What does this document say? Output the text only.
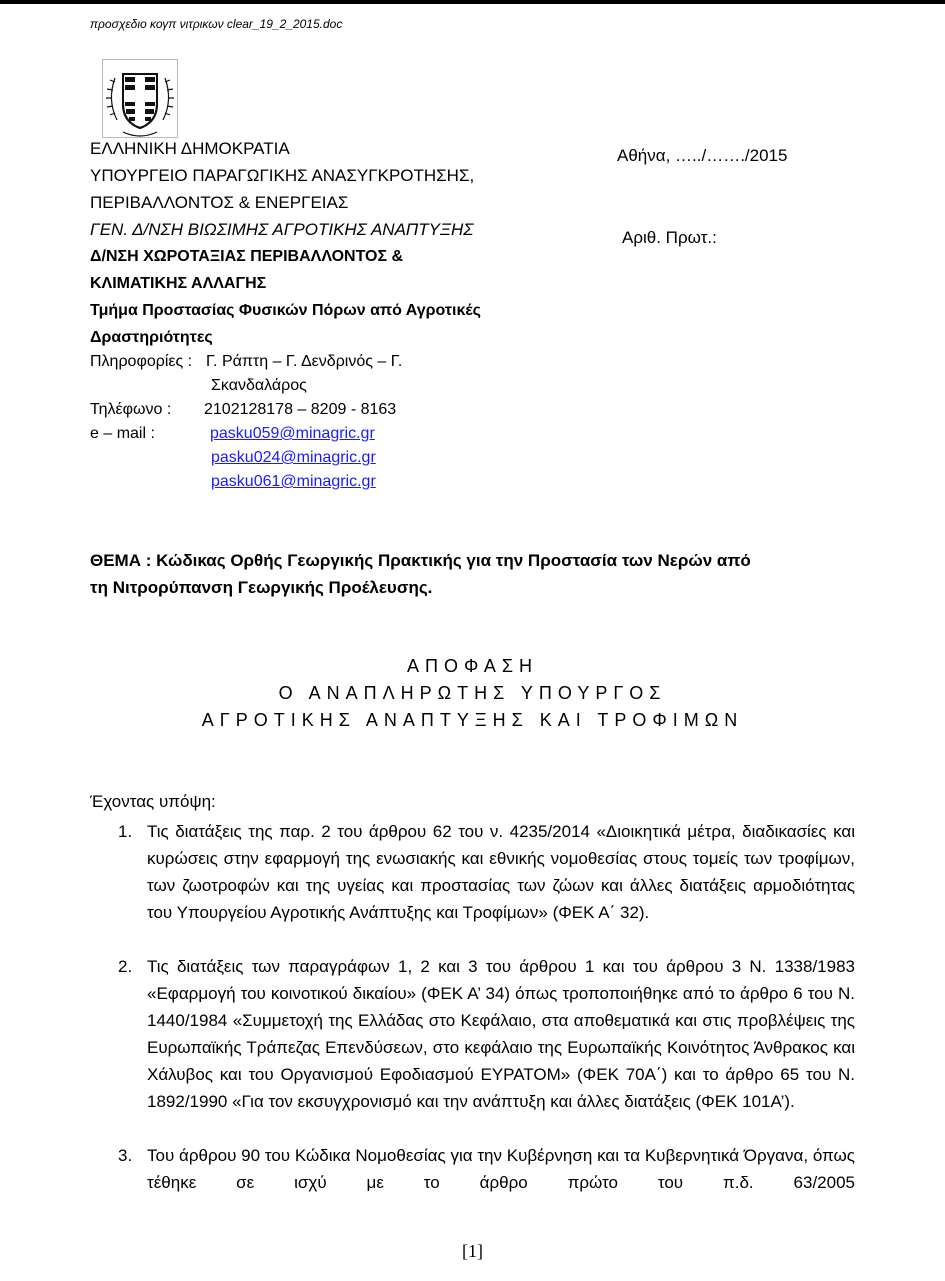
προσχεδιο κογπ νιτρικων clear_19_2_2015.doc
ΕΛΛΗΝΙΚΗ ΔΗΜΟΚΡΑΤΙΑ
ΥΠΟΥΡΓΕΙΟ ΠΑΡΑΓΩΓΙΚΗΣ ΑΝΑΣΥΓΚΡΟΤΗΣΗΣ,
ΠΕΡΙΒΑΛΛΟΝΤΟΣ & ΕΝΕΡΓΕΙΑΣ
ΓΕΝ. Δ/ΝΣΗ ΒΙΩΣΙΜΗΣ ΑΓΡΟΤΙΚΗΣ ΑΝΑΠΤΥΞΗΣ
Δ/ΝΣΗ ΧΩΡΟΤΑΞΙΑΣ ΠΕΡΙΒΑΛΛΟΝΤΟΣ &
ΚΛΙΜΑΤΙΚΗΣ ΑΛΛΑΓΗΣ
Τμήμα Προστασίας Φυσικών Πόρων από Αγροτικές
Δραστηριότητες
Πληροφορίες : Γ. Ράπτη – Γ. Δενδρινός – Γ.
Σκανδαλάρος
Τηλέφωνο : 2102128178 – 8209 - 8163
e – mail :	pasku059@minagric.gr
pasku024@minagric.gr
pasku061@minagric.gr
Αθήνα, …../……./2015
Αριθ. Πρωτ.:
ΘΕΜΑ : Κώδικας Ορθής Γεωργικής Πρακτικής για την Προστασία των Νερών από
τη Νιτρορύπανση Γεωργικής Προέλευσης.
ΑΠΟΦΑΣΗ
Ο ΑΝΑΠΛΗΡΩΤΗΣ ΥΠΟΥΡΓΟΣ
ΑΓΡΟΤΙΚΗΣ ΑΝΑΠΤΥΞΗΣ ΚΑΙ ΤΡΟΦΙΜΩΝ
Έχοντας υπόψη:
1. Τις διατάξεις της παρ. 2 του άρθρου 62 του ν. 4235/2014 «Διοικητικά μέτρα, διαδικασίες και κυρώσεις στην εφαρμογή της ενωσιακής και εθνικής νομοθεσίας στους τομείς των τροφίμων, των ζωοτροφών και της υγείας και προστασίας των ζώων και άλλες διατάξεις αρμοδιότητας του Υπουργείου Αγροτικής Ανάπτυξης και Τροφίμων» (ΦΕΚ Α΄ 32).
2. Τις διατάξεις των παραγράφων 1, 2 και 3 του άρθρου 1 και του άρθρου 3 Ν. 1338/1983 «Εφαρμογή του κοινοτικού δικαίου» (ΦΕΚ Α’ 34) όπως τροποποιήθηκε από το άρθρο 6 του Ν. 1440/1984 «Συμμετοχή της Ελλάδας στο Κεφάλαιο, στα αποθεματικά και στις προβλέψεις της Ευρωπαϊκής Τράπεζας Επενδύσεων, στο κεφάλαιο της Ευρωπαϊκής Κοινότητος Άνθρακος και Χάλυβος και του Οργανισμού Εφοδιασμού ΕΥΡΑΤΟΜ» (ΦΕΚ 70Α΄) και το άρθρο 65 του Ν. 1892/1990 «Για τον εκσυγχρονισμό και την ανάπτυξη και άλλες διατάξεις (ΦΕΚ 101Α’).
3. Του άρθρου 90 του Κώδικα Νομοθεσίας για την Κυβέρνηση και τα Κυβερνητικά Όργανα, όπως τέθηκε σε ισχύ με το άρθρο πρώτο του π.δ. 63/2005
[1]
